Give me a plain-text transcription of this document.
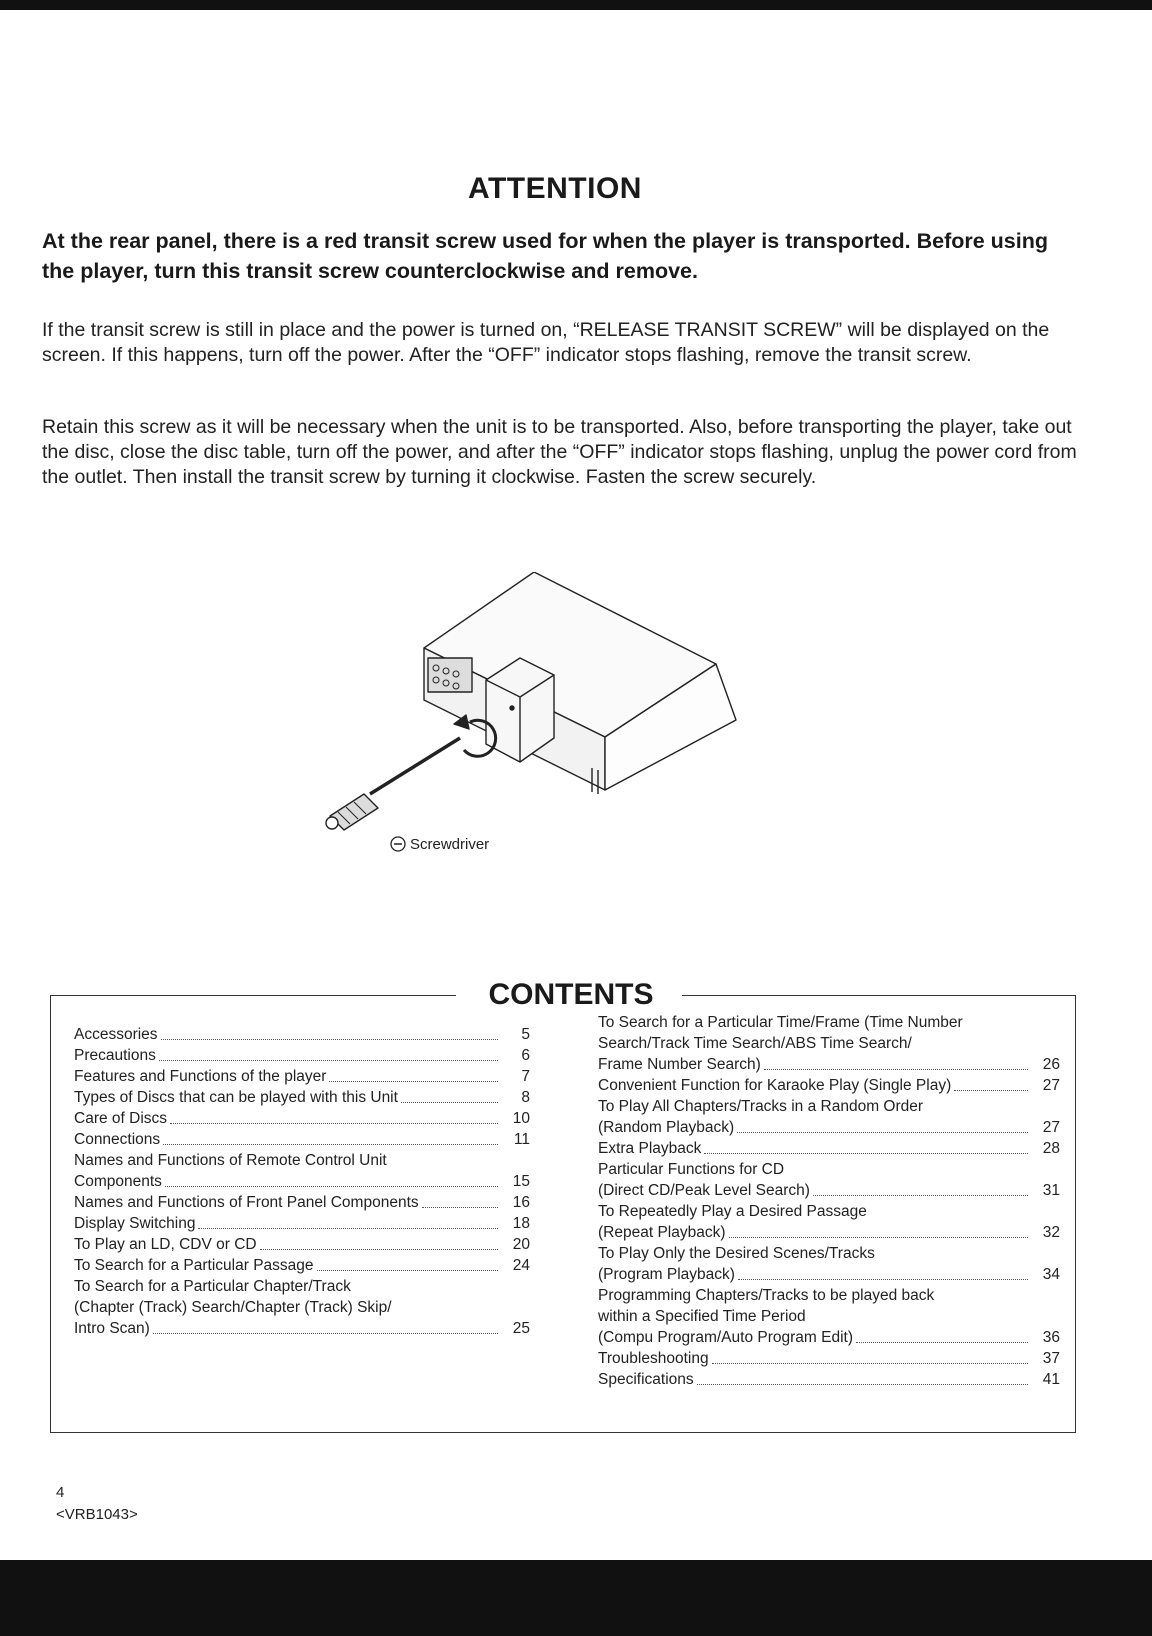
ATTENTION

At the rear panel, there is a red transit screw used for when the player is transported. Before using the player, turn this transit screw counterclockwise and remove.

If the transit screw is still in place and the power is turned on, “RELEASE TRANSIT SCREW” will be displayed on the screen. If this happens, turn off the power. After the “OFF” indicator stops flashing, remove the transit screw.

Retain this screw as it will be necessary when the unit is to be transported. Also, before transporting the player, take out the disc, close the disc table, turn off the power, and after the “OFF” indicator stops flashing, unplug the power cord from the outlet. Then install the transit screw by turning it clockwise. Fasten the screw securely.

Screwdriver
CONTENTS
Accessories	5
Precautions	6
Features and Functions of the player	7
Types of Discs that can be played with this Unit	8
Care of Discs	10
Connections	11
Names and Functions of Remote Control Unit
Components	15
Names and Functions of Front Panel Components	16
Display Switching	18
To Play an LD, CDV or CD	20
To Search for a Particular Passage	24
To Search for a Particular Chapter/Track
(Chapter (Track) Search/Chapter (Track) Skip/
Intro Scan)	25
To Search for a Particular Time/Frame (Time Number
Search/Track Time Search/ABS Time Search/
Frame Number Search)	26
Convenient Function for Karaoke Play (Single Play)	27
To Play All Chapters/Tracks in a Random Order
(Random Playback)	27
Extra Playback	28
Particular Functions for CD
(Direct CD/Peak Level Search)	31
To Repeatedly Play a Desired Passage
(Repeat Playback)	32
To Play Only the Desired Scenes/Tracks
(Program Playback)	34
Programming Chapters/Tracks to be played back
within a Specified Time Period
(Compu Program/Auto Program Edit)	36
Troubleshooting	37
Specifications	41
4
<VRB1043>
